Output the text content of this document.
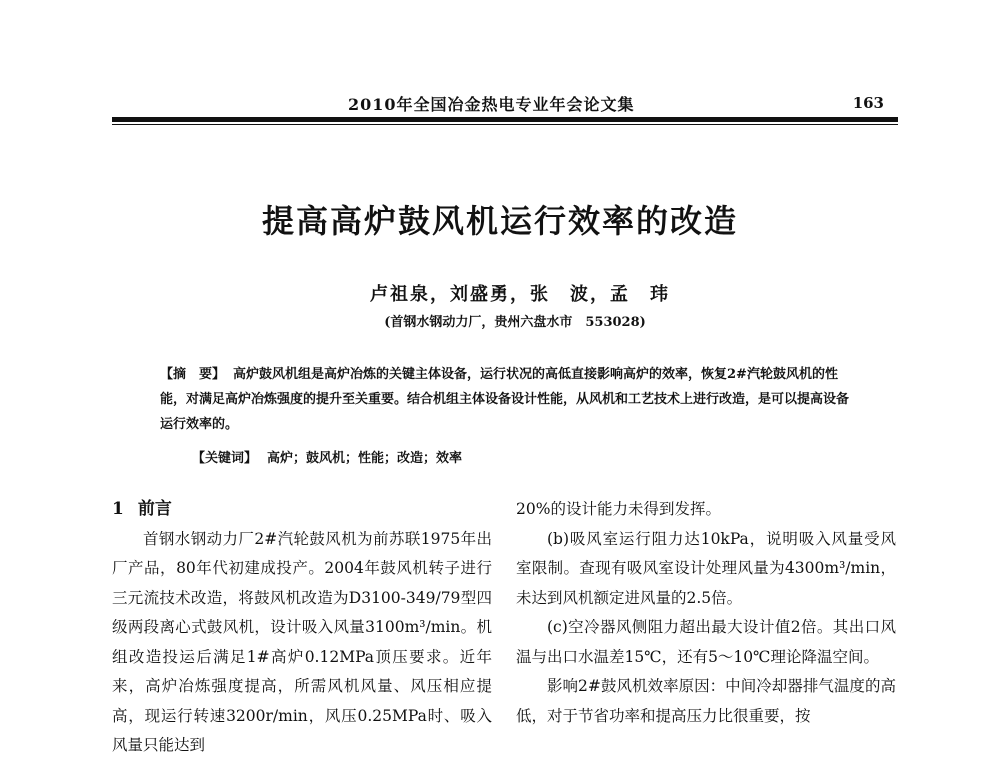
2010年全国冶金热电专业年会论文集	163
提高高炉鼓风机运行效率的改造
卢祖泉，刘盛勇，张　波，孟　玮
(首钢水钢动力厂，贵州六盘水市　553028)

【摘　要】 高炉鼓风机组是高炉冶炼的关键主体设备，运行状况的高低直接影响高炉的效率，恢复2#汽轮鼓风机的性能，对满足高炉冶炼强度的提升至关重要。结合机组主体设备设计性能，从风机和工艺技术上进行改造，是可以提高设备运行效率的。

【关键词】 高炉；鼓风机；性能；改造；效率

1 前言

首钢水钢动力厂2#汽轮鼓风机为前苏联1975年出厂产品，80年代初建成投产。2004年鼓风机转子进行三元流技术改造，将鼓风机改造为D3100-349/79型四级两段离心式鼓风机，设计吸入风量3100m³/min。机组改造投运后满足1#高炉0.12MPa顶压要求。近年来，高炉冶炼强度提高，所需风机风量、风压相应提高，现运行转速3200r/min，风压0.25MPa时、吸入风量只能达到

20%的设计能力未得到发挥。

(b)吸风室运行阻力达10kPa，说明吸入风量受风室限制。查现有吸风室设计处理风量为4300m³/min，未达到风机额定进风量的2.5倍。

(c)空冷器风侧阻力超出最大设计值2倍。其出口风温与出口水温差15℃，还有5～10℃理论降温空间。

影响2#鼓风机效率原因：中间冷却器排气温度的高低，对于节省功率和提高压力比很重要，按
